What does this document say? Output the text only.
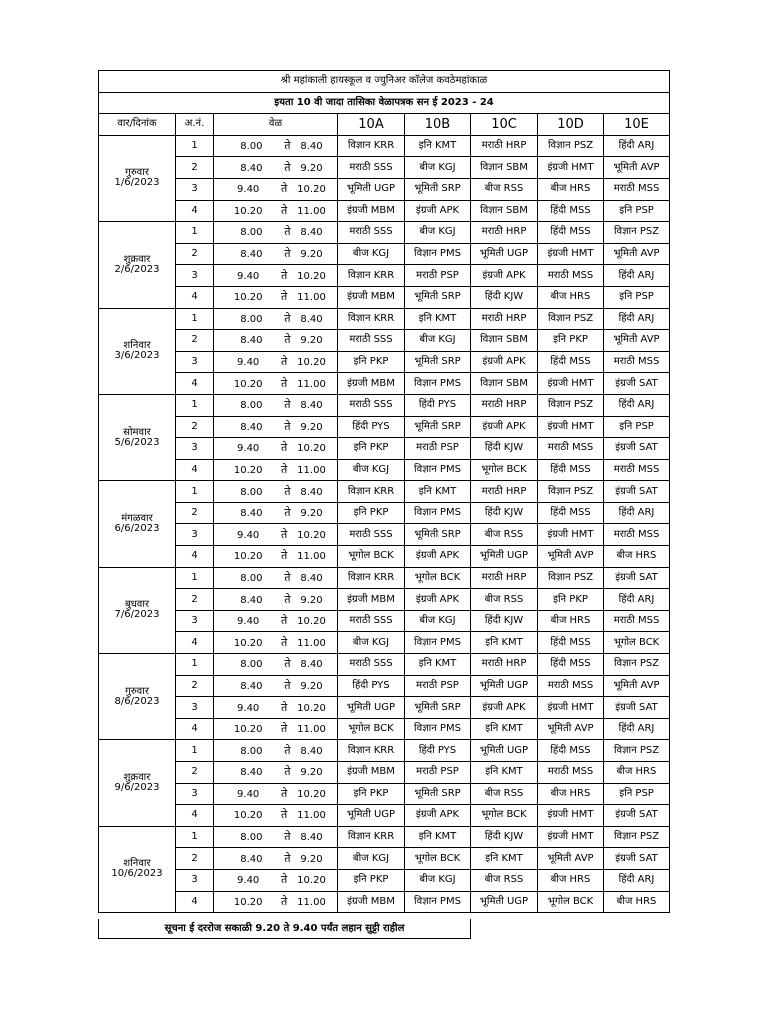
श्री महांकाली हायस्कूल व ज्युनिअर कॉलेज कवठेमहांकाळ							
इयता 10 वी जादा तासिका वेळापत्रक सन ई 2023 - 24							
वार/दिनांक	अ.नं.	वेळ	10A	10B	10C	10D	10E

गुरुवार
1/6/2023	1	8.00 ते 8.40	विज्ञान KRR	इनि KMT	मराठी HRP	विज्ञान PSZ	हिंदी ARJ
	2	8.40 ते 9.20	मराठी SSS	बीज KGJ	विज्ञान SBM	इंग्रजी HMT	भूमिती AVP
	3	9.40 ते 10.20	भूमिती UGP	भूमिती SRP	बीज RSS	बीज HRS	मराठी MSS
	4	10.20 ते 11.00	इंग्रजी MBM	इंग्रजी APK	विज्ञान SBM	हिंदी MSS	इनि PSP

शुक्रवार
2/6/2023	1	8.00 ते 8.40	मराठी SSS	बीज KGJ	मराठी HRP	हिंदी MSS	विज्ञान PSZ
	2	8.40 ते 9.20	बीज KGJ	विज्ञान PMS	भूमिती UGP	इंग्रजी HMT	भूमिती AVP
	3	9.40 ते 10.20	विज्ञान KRR	मराठी PSP	इंग्रजी APK	मराठी MSS	हिंदी ARJ
	4	10.20 ते 11.00	इंग्रजी MBM	भूमिती SRP	हिंदी KJW	बीज HRS	इनि PSP

शनिवार
3/6/2023	1	8.00 ते 8.40	विज्ञान KRR	इनि KMT	मराठी HRP	विज्ञान PSZ	हिंदी ARJ
	2	8.40 ते 9.20	मराठी SSS	बीज KGJ	विज्ञान SBM	इनि PKP	भूमिती AVP
	3	9.40 ते 10.20	इनि PKP	भूमिती SRP	इंग्रजी APK	हिंदी MSS	मराठी MSS
	4	10.20 ते 11.00	इंग्रजी MBM	विज्ञान PMS	विज्ञान SBM	इंग्रजी HMT	इंग्रजी SAT

सोमवार
5/6/2023	1	8.00 ते 8.40	मराठी SSS	हिंदी PYS	मराठी HRP	विज्ञान PSZ	हिंदी ARJ
	2	8.40 ते 9.20	हिंदी PYS	भूमिती SRP	इंग्रजी APK	इंग्रजी HMT	इनि PSP
	3	9.40 ते 10.20	इनि PKP	मराठी PSP	हिंदी KJW	मराठी MSS	इंग्रजी SAT
	4	10.20 ते 11.00	बीज KGJ	विज्ञान PMS	भूगोल BCK	हिंदी MSS	मराठी MSS

मंगळवार
6/6/2023	1	8.00 ते 8.40	विज्ञान KRR	इनि KMT	मराठी HRP	विज्ञान PSZ	इंग्रजी SAT
	2	8.40 ते 9.20	इनि PKP	विज्ञान PMS	हिंदी KJW	हिंदी MSS	हिंदी ARJ
	3	9.40 ते 10.20	मराठी SSS	भूमिती SRP	बीज RSS	इंग्रजी HMT	मराठी MSS
	4	10.20 ते 11.00	भूगोल BCK	इंग्रजी APK	भूमिती UGP	भूमिती AVP	बीज HRS

बुधवार
7/6/2023	1	8.00 ते 8.40	विज्ञान KRR	भूगोल BCK	मराठी HRP	विज्ञान PSZ	इंग्रजी SAT
	2	8.40 ते 9.20	इंग्रजी MBM	इंग्रजी APK	बीज RSS	इनि PKP	हिंदी ARJ
	3	9.40 ते 10.20	मराठी SSS	बीज KGJ	हिंदी KJW	बीज HRS	मराठी MSS
	4	10.20 ते 11.00	बीज KGJ	विज्ञान PMS	इनि KMT	हिंदी MSS	भूगोल BCK

गुरुवार
8/6/2023	1	8.00 ते 8.40	मराठी SSS	इनि KMT	मराठी HRP	हिंदी MSS	विज्ञान PSZ
	2	8.40 ते 9.20	हिंदी PYS	मराठी PSP	भूमिती UGP	मराठी MSS	भूमिती AVP
	3	9.40 ते 10.20	भूमिती UGP	भूमिती SRP	इंग्रजी APK	इंग्रजी HMT	इंग्रजी SAT
	4	10.20 ते 11.00	भूगोल BCK	विज्ञान PMS	इनि KMT	भूमिती AVP	हिंदी ARJ

शुक्रवार
9/6/2023	1	8.00 ते 8.40	विज्ञान KRR	हिंदी PYS	भूमिती UGP	हिंदी MSS	विज्ञान PSZ
	2	8.40 ते 9.20	इंग्रजी MBM	मराठी PSP	इनि KMT	मराठी MSS	बीज HRS
	3	9.40 ते 10.20	इनि PKP	भूमिती SRP	बीज RSS	बीज HRS	इनि PSP
	4	10.20 ते 11.00	भूमिती UGP	इंग्रजी APK	भूगोल BCK	इंग्रजी HMT	इंग्रजी SAT

शनिवार
10/6/2023	1	8.00 ते 8.40	विज्ञान KRR	इनि KMT	हिंदी KJW	इंग्रजी HMT	विज्ञान PSZ
	2	8.40 ते 9.20	बीज KGJ	भूगोल BCK	इनि KMT	भूमिती AVP	इंग्रजी SAT
	3	9.40 ते 10.20	इनि PKP	बीज KGJ	बीज RSS	बीज HRS	हिंदी ARJ
	4	10.20 ते 11.00	इंग्रजी MBM	विज्ञान PMS	भूमिती UGP	भूगोल BCK	बीज HRS
सूचना ई दररोज सकाळी 9.20 ते 9.40 पर्यंत लहान सुट्टी राहील
